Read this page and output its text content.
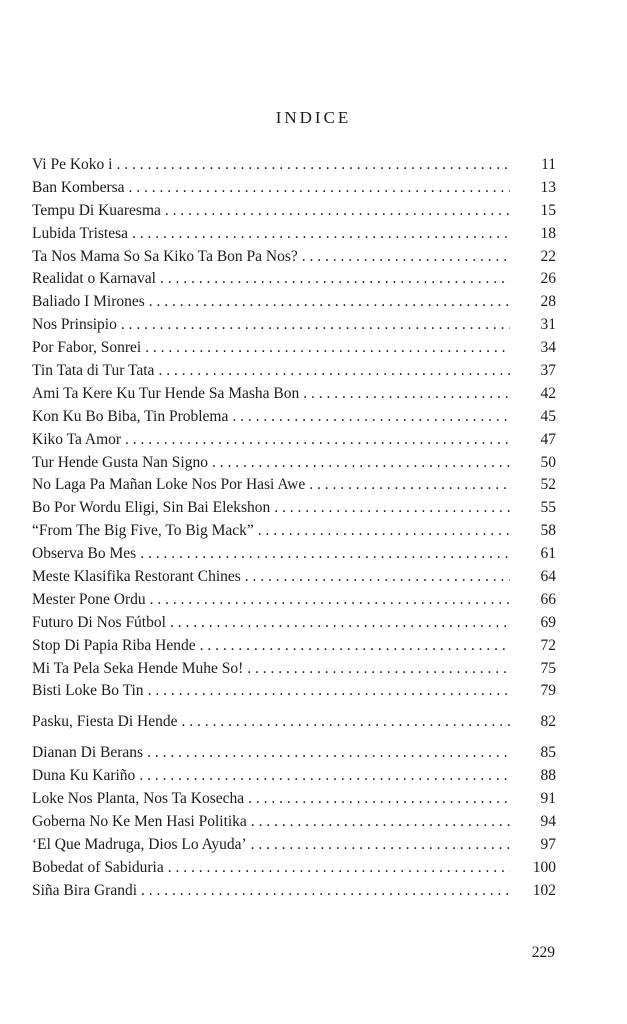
INDICE
Vi Pe Koko i . . .	11
Ban Kombersa . . .	13
Tempu Di Kuaresma . . .	15
Lubida Tristesa . . .	18
Ta Nos Mama So Sa Kiko Ta Bon Pa Nos? . . .	22
Realidat o Karnaval . . .	26
Baliado I Mirones . . .	28
Nos Prinsipio . . .	31
Por Fabor, Sonrei . . .	34
Tin Tata di Tur Tata . . .	37
Ami Ta Kere Ku Tur Hende Sa Masha Bon . . .	42
Kon Ku Bo Biba, Tin Problema . . .	45
Kiko Ta Amor . . .	47
Tur Hende Gusta Nan Signo . . .	50
No Laga Pa Mañan Loke Nos Por Hasi Awe . . .	52
Bo Por Wordu Eligi, Sin Bai Elekshon . . .	55
“From The Big Five, To Big Mack” . . .	58
Observa Bo Mes . . .	61
Meste Klasifika Restorant Chines . . .	64
Mester Pone Ordu . . .	66
Futuro Di Nos Fútbol . . .	69
Stop Di Papia Riba Hende . . .	72
Mi Ta Pela Seka Hende Muhe So! . . .	75
Bisti Loke Bo Tin . . .	79
Pasku, Fiesta Di Hende . . .	82
Dianan Di Berans . . .	85
Duna Ku Kariño . . .	88
Loke Nos Planta, Nos Ta Kosecha . . .	91
Goberna No Ke Men Hasi Politika . . .	94
‘El Que Madruga, Dios Lo Ayuda’ . . .	97
Bobedat of Sabiduria . . .	100
Siña Bira Grandi . . .	102
229
